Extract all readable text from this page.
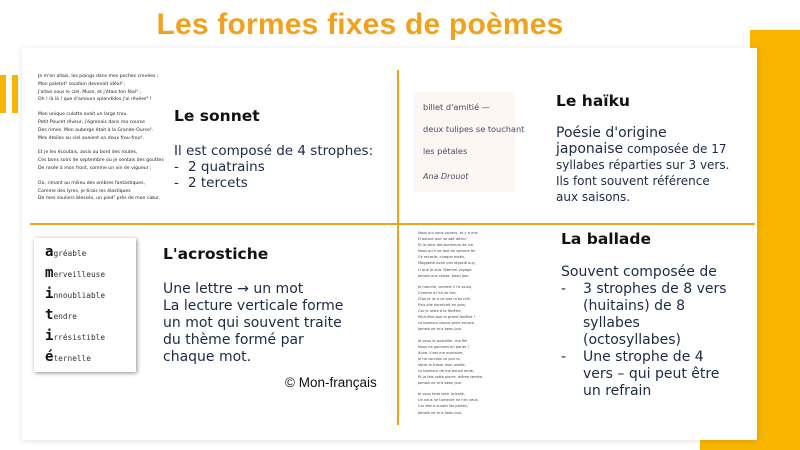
Les formes fixes de poèmes
Je m'en allais, les poings dans mes poches crevées ;
Mon paletot¹ soudain devenait idéal² ;
J'allais sous le ciel, Muse, et j'étais ton féal³ ;
Oh ! là là ! que d'amours splendides j'ai rêvées⁴ !
Mon unique culotte avait un large trou.
Petit Poucet rêveur, j'égrenais dans ma course
Des rimes. Mon auberge était à la Grande-Ourse⁵.
Mes étoiles au ciel avaient un doux frou-frou⁶.
Et je les écoutais, assis au bord des routes,
Ces bons soirs de septembre où je sentais des gouttes
De rosée à mon front, comme un vin de vigueur ;
Où, rimant au milieu des ombres fantastiques,
Comme des lyres, je tirais les élastiques
De mes souliers blessés, un pied⁷ près de mon cœur.
Le sonnet
Il est composé de 4 strophes:
- 2 quatrains
- 2 tercets
billet d'amitié —
deux tulipes se touchant
les pétales
Ana Drouot
Le haïku
Poésie d'origine
japonaise composée de 17
syllabes réparties sur 3 vers.
Ils font souvent référence
aux saisons.
agréable
merveilleuse
innoubliable
tendre
irrésistible
éternelle
L'acrostiche
Une lettre → un mot
La lecture verticale forme
un mot qui souvent traite
du thème formé par
chaque mot.
Nous qui vous voyons, et y a mie
D'autant que ne sait déclin
Et je sens des bonheurs de vie
Nous qu'il ne faut en somme fin
Ce miracle, chaque matin,
Maggette avoir pris légacié ouy,
Li que je suis l'éternel voyage
Jamais une chose, beau jour.
Je marche, comme il l'a voulu,
Comme à l'air se tire,
D'où je lis à ce que m'as crié,
Puis elle dormirait en paix,
Car je reste à la fenêtre,
Peut-être que la grand fenêtre !
Le bonheur douce-pluie encore,
Jamais ne m'a beau jour.
Je veux le quereller, ma fiel
Nous ne pouvons en parler !
Anne, c'est ma marraine,
Je ne connais ce jour la,
Votre le trésor mon oreille,
Le bonheur de ma douce amie,
Et je fais cette pierre, même tendre,
Jamais ne m'a beau jour.
Je vous ferai tenir la belle,
Un vous ne tumeure ne l'en veux,
Car elle a ouvert les portes,
Jamais ne m'a beau jour.
La ballade
Souvent composée de
- 3 strophes de 8 vers
(huitains) de 8
syllabes
(octosyllabes)
- Une strophe de 4
vers – qui peut être
un refrain
© Mon-français
